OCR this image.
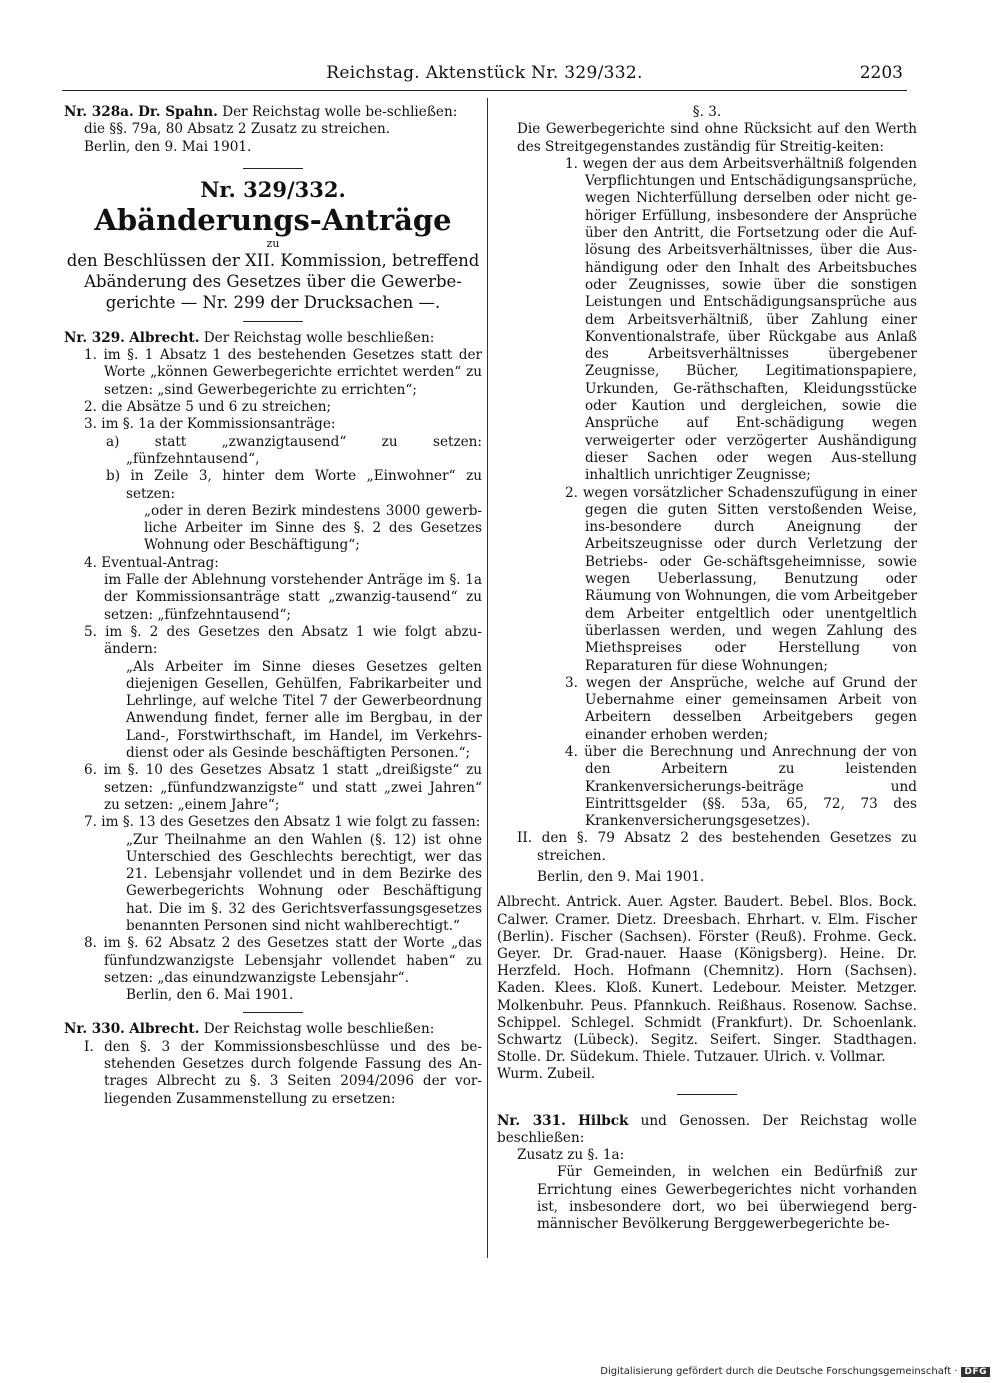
Reichstag. Aktenstück Nr. 329/332.	2203

Nr. 328a. Dr. Spahn. Der Reichstag wolle be-schließen:

die §§. 79a, 80 Absatz 2 Zusatz zu streichen.

Berlin, den 9. Mai 1901.

Nr. 329/332.

Abänderungs-Anträge

zu

den Beschlüssen der XII. Kommission, betreffend Abänderung des Gesetzes über die Gewerbe-gerichte — Nr. 299 der Drucksachen —.

Nr. 329. Albrecht. Der Reichstag wolle beschließen:

1. im §. 1 Absatz 1 des bestehenden Gesetzes statt der Worte „können Gewerbegerichte errichtet werden“ zu setzen: „sind Gewerbegerichte zu errichten“;

2. die Absätze 5 und 6 zu streichen;

3. im §. 1a der Kommissionsanträge:

a) statt „zwanzigtausend“ zu setzen: „fünfzehntausend“,

b) in Zeile 3, hinter dem Worte „Einwohner“ zu setzen:

„oder in deren Bezirk mindestens 3000 gewerb-liche Arbeiter im Sinne des §. 2 des Gesetzes Wohnung oder Beschäftigung“;

4. Eventual-Antrag:

im Falle der Ablehnung vorstehender Anträge im §. 1a der Kommissionsanträge statt „zwanzig-tausend“ zu setzen: „fünfzehntausend“;

5. im §. 2 des Gesetzes den Absatz 1 wie folgt abzu-ändern:

„Als Arbeiter im Sinne dieses Gesetzes gelten diejenigen Gesellen, Gehülfen, Fabrikarbeiter und Lehrlinge, auf welche Titel 7 der Gewerbeordnung Anwendung findet, ferner alle im Bergbau, in der Land-, Forstwirthschaft, im Handel, im Verkehrs-dienst oder als Gesinde beschäftigten Personen.“;

6. im §. 10 des Gesetzes Absatz 1 statt „dreißigste“ zu setzen: „fünfundzwanzigste“ und statt „zwei Jahren“ zu setzen: „einem Jahre“;

7. im §. 13 des Gesetzes den Absatz 1 wie folgt zu fassen:

„Zur Theilnahme an den Wahlen (§. 12) ist ohne Unterschied des Geschlechts berechtigt, wer das 21. Lebensjahr vollendet und in dem Bezirke des Gewerbegerichts Wohnung oder Beschäftigung hat. Die im §. 32 des Gerichtsverfassungsgesetzes benannten Personen sind nicht wahlberechtigt.“

8. im §. 62 Absatz 2 des Gesetzes statt der Worte „das fünfundzwanzigste Lebensjahr vollendet haben“ zu setzen: „das einundzwanzigste Lebensjahr“.

Berlin, den 6. Mai 1901.

Nr. 330. Albrecht. Der Reichstag wolle beschließen:

I. den §. 3 der Kommissionsbeschlüsse und des be-stehenden Gesetzes durch folgende Fassung des An-trages Albrecht zu §. 3 Seiten 2094/2096 der vor-liegenden Zusammenstellung zu ersetzen:

§. 3.

Die Gewerbegerichte sind ohne Rücksicht auf den Werth des Streitgegenstandes zuständig für Streitig-keiten:

1. wegen der aus dem Arbeitsverhältniß folgenden Verpflichtungen und Entschädigungsansprüche, wegen Nichterfüllung derselben oder nicht ge-höriger Erfüllung, insbesondere der Ansprüche über den Antritt, die Fortsetzung oder die Auf-lösung des Arbeitsverhältnisses, über die Aus-händigung oder den Inhalt des Arbeitsbuches oder Zeugnisses, sowie über die sonstigen Leistungen und Entschädigungsansprüche aus dem Arbeitsverhältniß, über Zahlung einer Konventionalstrafe, über Rückgabe aus Anlaß des Arbeitsverhältnisses übergebener Zeugnisse, Bücher, Legitimationspapiere, Urkunden, Ge-räthschaften, Kleidungsstücke oder Kaution und dergleichen, sowie die Ansprüche auf Ent-schädigung wegen verweigerter oder verzögerter Aushändigung dieser Sachen oder wegen Aus-stellung inhaltlich unrichtiger Zeugnisse;

2. wegen vorsätzlicher Schadenszufügung in einer gegen die guten Sitten verstoßenden Weise, ins-besondere durch Aneignung der Arbeitszeugnisse oder durch Verletzung der Betriebs- oder Ge-schäftsgeheimnisse, sowie wegen Ueberlassung, Benutzung oder Räumung von Wohnungen, die vom Arbeitgeber dem Arbeiter entgeltlich oder unentgeltlich überlassen werden, und wegen Zahlung des Miethspreises oder Herstellung von Reparaturen für diese Wohnungen;

3. wegen der Ansprüche, welche auf Grund der Uebernahme einer gemeinsamen Arbeit von Arbeitern desselben Arbeitgebers gegen einander erhoben werden;

4. über die Berechnung und Anrechnung der von den Arbeitern zu leistenden Krankenversicherungs-beiträge und Eintrittsgelder (§§. 53a, 65, 72, 73 des Krankenversicherungsgesetzes).

II. den §. 79 Absatz 2 des bestehenden Gesetzes zu streichen.

Berlin, den 9. Mai 1901.

Albrecht. Antrick. Auer. Agster. Baudert. Bebel. Blos. Bock. Calwer. Cramer. Dietz. Dreesbach. Ehrhart. v. Elm. Fischer (Berlin). Fischer (Sachsen). Förster (Reuß). Frohme. Geck. Geyer. Dr. Grad-nauer. Haase (Königsberg). Heine. Dr. Herzfeld. Hoch. Hofmann (Chemnitz). Horn (Sachsen). Kaden. Klees. Kloß. Kunert. Ledebour. Meister. Metzger. Molkenbuhr. Peus. Pfannkuch. Reißhaus. Rosenow. Sachse. Schippel. Schlegel. Schmidt (Frankfurt). Dr. Schoenlank. Schwartz (Lübeck). Segitz. Seifert. Singer. Stadthagen. Stolle. Dr. Südekum. Thiele. Tutzauer. Ulrich. v. Vollmar.

Wurm. Zubeil.

Nr. 331. Hilbck und Genossen. Der Reichstag wolle beschließen:

Zusatz zu §. 1a:

Für Gemeinden, in welchen ein Bedürfniß zur Errichtung eines Gewerbegerichtes nicht vorhanden ist, insbesondere dort, wo bei überwiegend berg-männischer Bevölkerung Berggewerbegerichte be-

Digitalisierung gefördert durch die Deutsche Forschungsgemeinschaft · DFG
